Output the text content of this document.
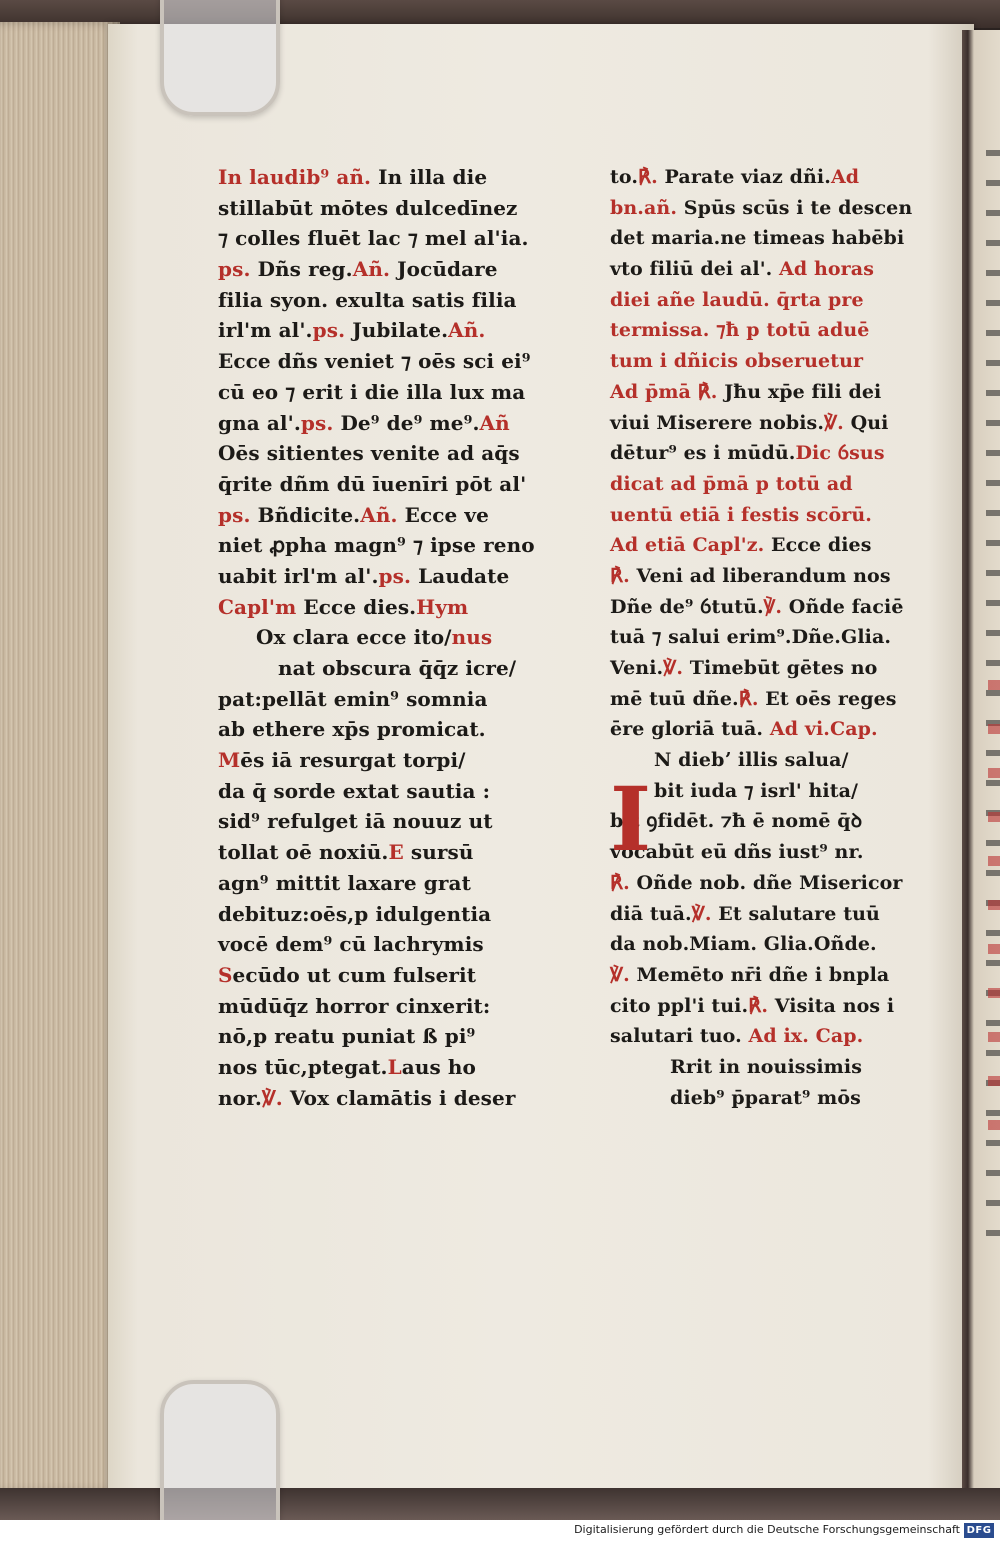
In laudib⁹ añ. In illa die
stillabūt mōtes dulcedīnez
⁊ colles fluēt lac ⁊ mel al'ia.
ps. Dñs reg.Añ. Jocūdare
filia syon. exulta satis filia
irl'm al'.ps. Jubilate.Añ.
Ecce dñs veniet ⁊ oēs sci ei⁹
cū eo ⁊ erit i die illa lux ma
gna al'.ps. De⁹ de⁹ me⁹.Añ
Oēs sitientes venite ad aq̄s
q̄rite dñm dū īuenīri pōt al'
ps. Bñdicite.Añ. Ecce ve
niet ꝓpha magn⁹ ⁊ ipse reno
uabit irl'm al'.ps. Laudate
Capl'm Ecce dies.Hym
Ox clara ecce ito/nus
nat obscura q̄q̄z icre/
pat:pellāt emin⁹ somnia
ab ethere xp̄s promicat.
Mēs iā resurgat torpi/
da q̄ sorde extat sautia :
sid⁹ refulget iā nouuz ut
tollat oē noxiū.E sursū
agn⁹ mittit laxare grat
debituz:oēs,p idulgentia
vocē dem⁹ cū lachrymis
Secūdo ut cum fulserit
mūdūq̄z horror cinxerit:
nō,p reatu puniat ß pi⁹
nos tūc,ptegat.Laus ho
nor.℣. Vox clamātis i deser
I
to.℟. Parate viaz dñi.Ad
bn.añ. Spūs scūs i te descen
det maria.ne timeas habēbi
vto filiū dei al'. Ad horas
diei añe laudū. q̄rta pre
termissa. ⁊ħ p totū aduē
tum i dñicis obseruetur
Ad p̄mā ℟. Jħu xp̄e fili dei
viui Miserere nobis.℣. Qui
dētur⁹ es i mūdū.Dic ỽsus
dicat ad p̄mā p totū ad
uentū etiā i festis scōrū.
Ad etiā Capl'z. Ecce dies
℟. Veni ad liberandum nos
Dñe de⁹ ỽtutū.℣. Oñde faciē
tuā ⁊ salui erim⁹.Dñe.Glia.
Veni.℣. Timebūt gētes no
mē tuū dñe.℟. Et oēs reges
ēre gloriā tuā. Ad vi.Cap.
N diebʼ illis salua/
bit iuda ⁊ isrl' hita/
bit ꝯfidēt. ⁊ħ ē nomē q̄ꝺ
vocabūt eū dñs iust⁹ nr.
℟. Oñde nob. dñe Misericor
diā tuā.℣. Et salutare tuū
da nob.Miam. Glia.Oñde.
℣. Memēto nr̄i dñe i bnpla
cito ppl'i tui.℟. Visita nos i
salutari tuo. Ad ix. Cap.
Rrit in nouissimis
dieb⁹ p̄parat⁹ mōs
Digitalisierung gefördert durch die Deutsche Forschungsgemeinschaft DFG
